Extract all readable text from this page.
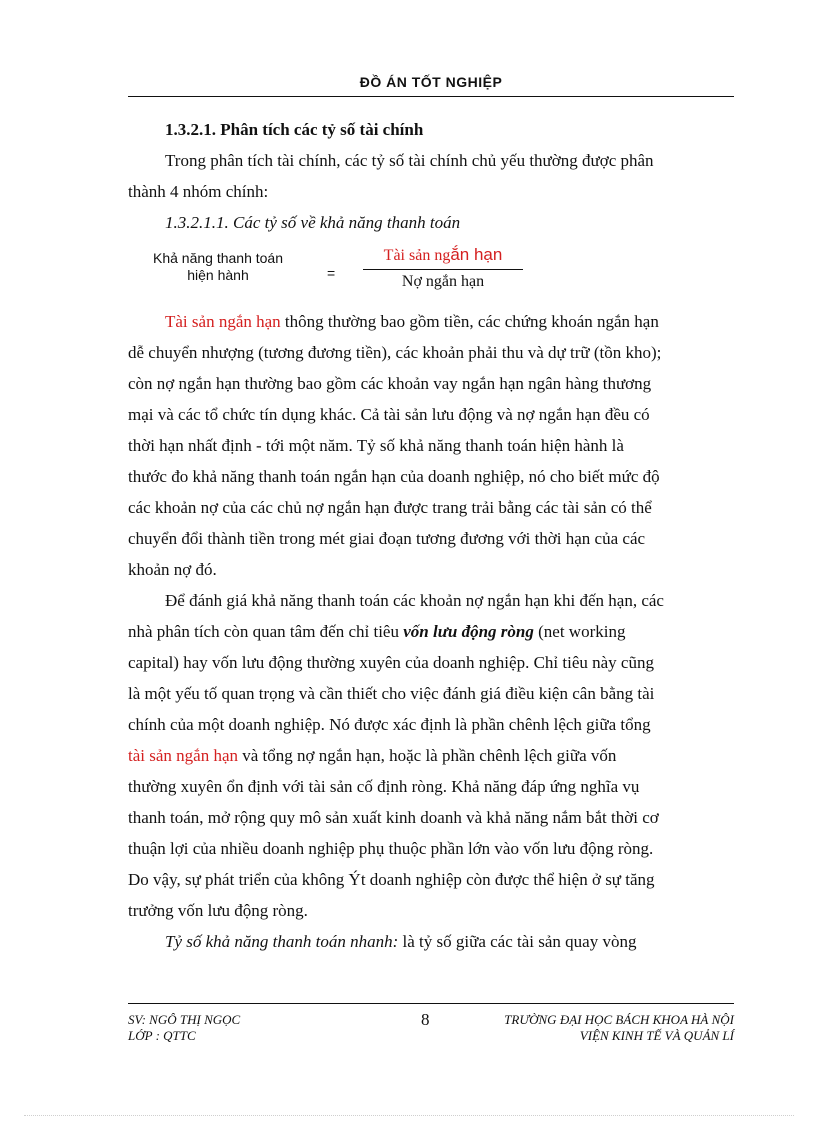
ĐỒ ÁN TỐT NGHIỆP

1.3.2.1. Phân tích các tỷ số tài chính

Trong phân tích tài chính, các tỷ số tài chính chủ yếu thường được phân
thành 4 nhóm chính:

1.3.2.1.1. Các tỷ số về khả năng thanh toán

Khả năng thanh toán
hiện hành	=
Tài sản ngắn hạn
Nợ ngắn hạn

Tài sản ngắn hạn thông thường bao gồm tiền, các chứng khoán ngắn hạn
dễ chuyển nhượng (tương đương tiền), các khoản phải thu và dự trữ (tồn kho);
còn nợ ngắn hạn thường bao gồm các khoản vay ngắn hạn ngân hàng thương
mại và các tổ chức tín dụng khác. Cả tài sản lưu động và nợ ngắn hạn đều có
thời hạn nhất định - tới một năm. Tỷ số khả năng thanh toán hiện hành là
thước đo khả năng thanh toán ngắn hạn của doanh nghiệp, nó cho biết mức độ
các khoản nợ của các chủ nợ ngắn hạn được trang trải bằng các tài sản có thể
chuyển đổi thành tiền trong mét giai đoạn tương đương với thời hạn của các
khoản nợ đó.

Để đánh giá khả năng thanh toán các khoản nợ ngắn hạn khi đến hạn, các
nhà phân tích còn quan tâm đến chỉ tiêu vốn lưu động ròng (net working
capital) hay vốn lưu động thường xuyên của doanh nghiệp. Chỉ tiêu này cũng
là một yếu tố quan trọng và cần thiết cho việc đánh giá điều kiện cân bằng tài
chính của một doanh nghiệp. Nó được xác định là phần chênh lệch giữa tổng
tài sản ngắn hạn và tổng nợ ngắn hạn, hoặc là phần chênh lệch giữa vốn
thường xuyên ổn định với tài sản cố định ròng. Khả năng đáp ứng nghĩa vụ
thanh toán, mở rộng quy mô sản xuất kinh doanh và khả năng nắm bắt thời cơ
thuận lợi của nhiều doanh nghiệp phụ thuộc phần lớn vào vốn lưu động ròng.
Do vậy, sự phát triển của không Ýt doanh nghiệp còn được thể hiện ở sự tăng
trưởng vốn lưu động ròng.

Tỷ số khả năng thanh toán nhanh: là tỷ số giữa các tài sản quay vòng

SV: NGÔ THỊ NGỌC
LỚP : QTTC
8	TRƯỜNG ĐẠI HỌC BÁCH KHOA HÀ NỘI
VIỆN KINH TẾ VÀ QUẢN LÍ
